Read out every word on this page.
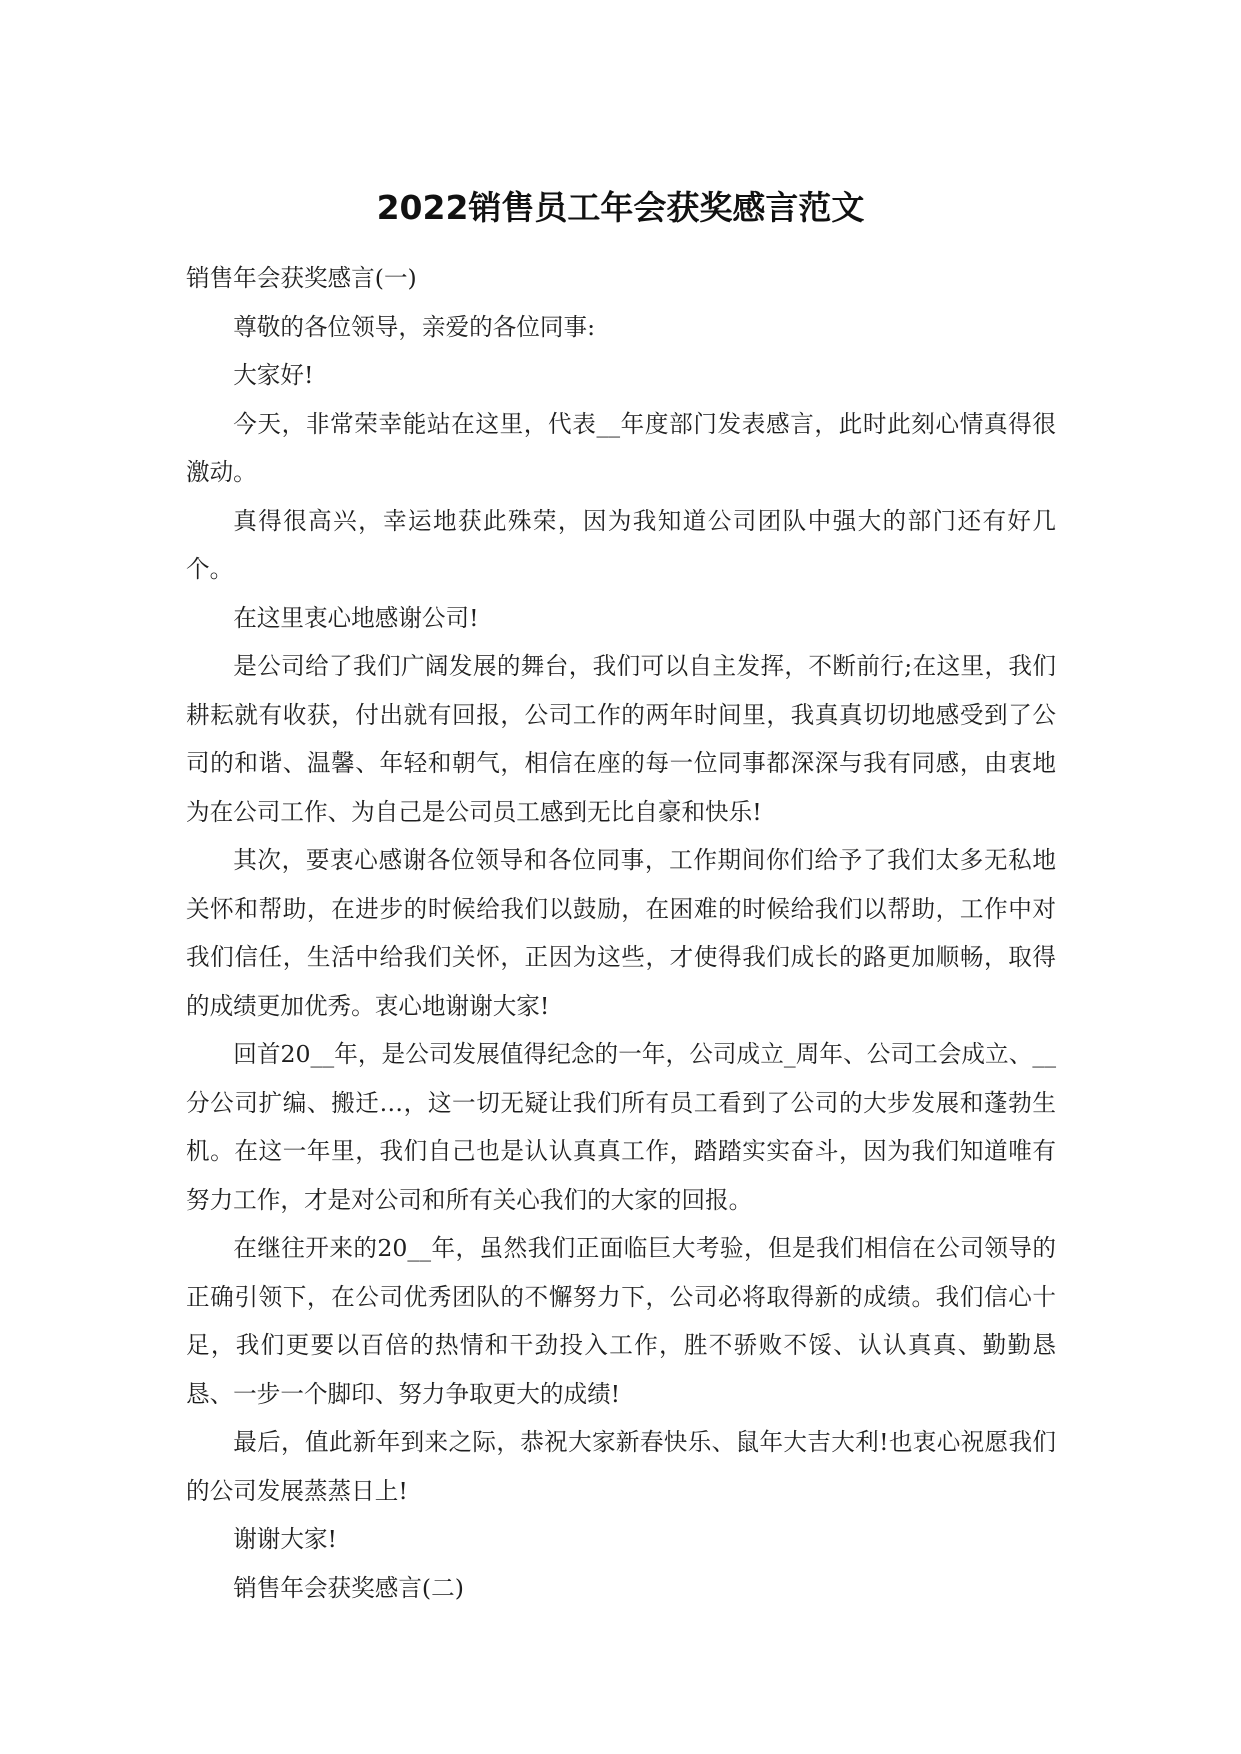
2022销售员工年会获奖感言范文

销售年会获奖感言(一)

尊敬的各位领导，亲爱的各位同事:

大家好!

今天，非常荣幸能站在这里，代表__年度部门发表感言，此时此刻心情真得很激动。

真得很高兴，幸运地获此殊荣，因为我知道公司团队中强大的部门还有好几个。

在这里衷心地感谢公司!

是公司给了我们广阔发展的舞台，我们可以自主发挥，不断前行;在这里，我们耕耘就有收获，付出就有回报，公司工作的两年时间里，我真真切切地感受到了公司的和谐、温馨、年轻和朝气，相信在座的每一位同事都深深与我有同感，由衷地为在公司工作、为自己是公司员工感到无比自豪和快乐!

其次，要衷心感谢各位领导和各位同事，工作期间你们给予了我们太多无私地关怀和帮助，在进步的时候给我们以鼓励，在困难的时候给我们以帮助，工作中对我们信任，生活中给我们关怀，正因为这些，才使得我们成长的路更加顺畅，取得的成绩更加优秀。衷心地谢谢大家!

回首20__年，是公司发展值得纪念的一年，公司成立_周年、公司工会成立、__分公司扩编、搬迁…，这一切无疑让我们所有员工看到了公司的大步发展和蓬勃生机。在这一年里，我们自己也是认认真真工作，踏踏实实奋斗，因为我们知道唯有努力工作，才是对公司和所有关心我们的大家的回报。

在继往开来的20__年，虽然我们正面临巨大考验，但是我们相信在公司领导的正确引领下，在公司优秀团队的不懈努力下，公司必将取得新的成绩。我们信心十足，我们更要以百倍的热情和干劲投入工作，胜不骄败不馁、认认真真、勤勤恳恳、一步一个脚印、努力争取更大的成绩!

最后，值此新年到来之际，恭祝大家新春快乐、鼠年大吉大利!也衷心祝愿我们的公司发展蒸蒸日上!

谢谢大家!

销售年会获奖感言(二)
